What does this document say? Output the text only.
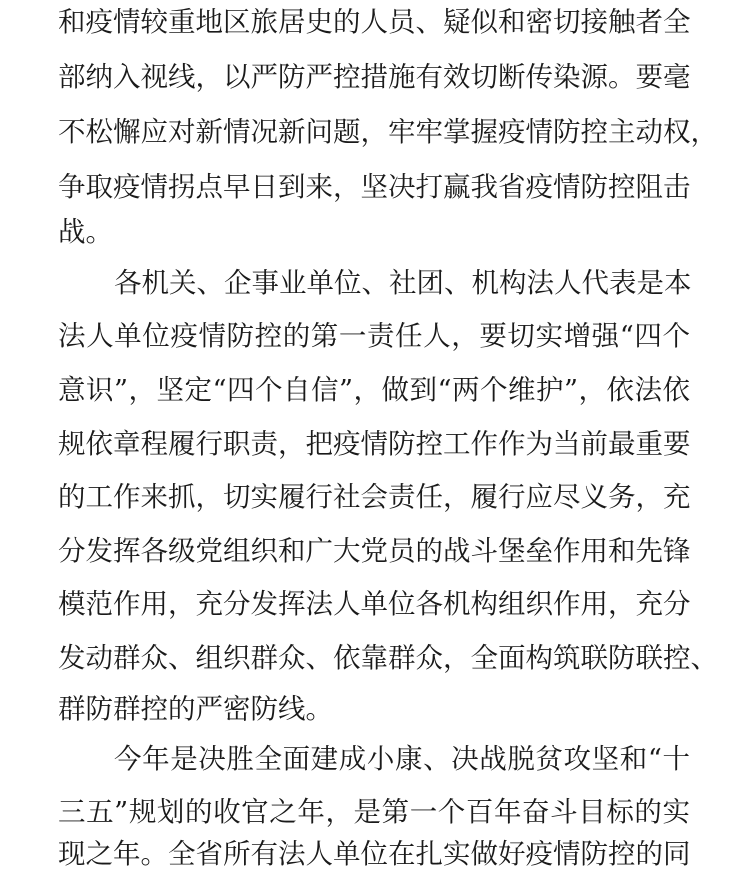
和疫情较重地区旅居史的人员、疑似和密切接触者全
部纳入视线，以严防严控措施有效切断传染源。要毫
不松懈应对新情况新问题，牢牢掌握疫情防控主动权，
争取疫情拐点早日到来，坚决打赢我省疫情防控阻击
战。
各机关、企事业单位、社团、机构法人代表是本
法人单位疫情防控的第一责任人，要切实增强“四个
意识”，坚定“四个自信”，做到“两个维护”，依法依
规依章程履行职责，把疫情防控工作作为当前最重要
的工作来抓，切实履行社会责任，履行应尽义务，充
分发挥各级党组织和广大党员的战斗堡垒作用和先锋
模范作用，充分发挥法人单位各机构组织作用，充分
发动群众、组织群众、依靠群众，全面构筑联防联控、
群防群控的严密防线。
今年是决胜全面建成小康、决战脱贫攻坚和“十
三五”规划的收官之年，是第一个百年奋斗目标的实
现之年。全省所有法人单位在扎实做好疫情防控的同
